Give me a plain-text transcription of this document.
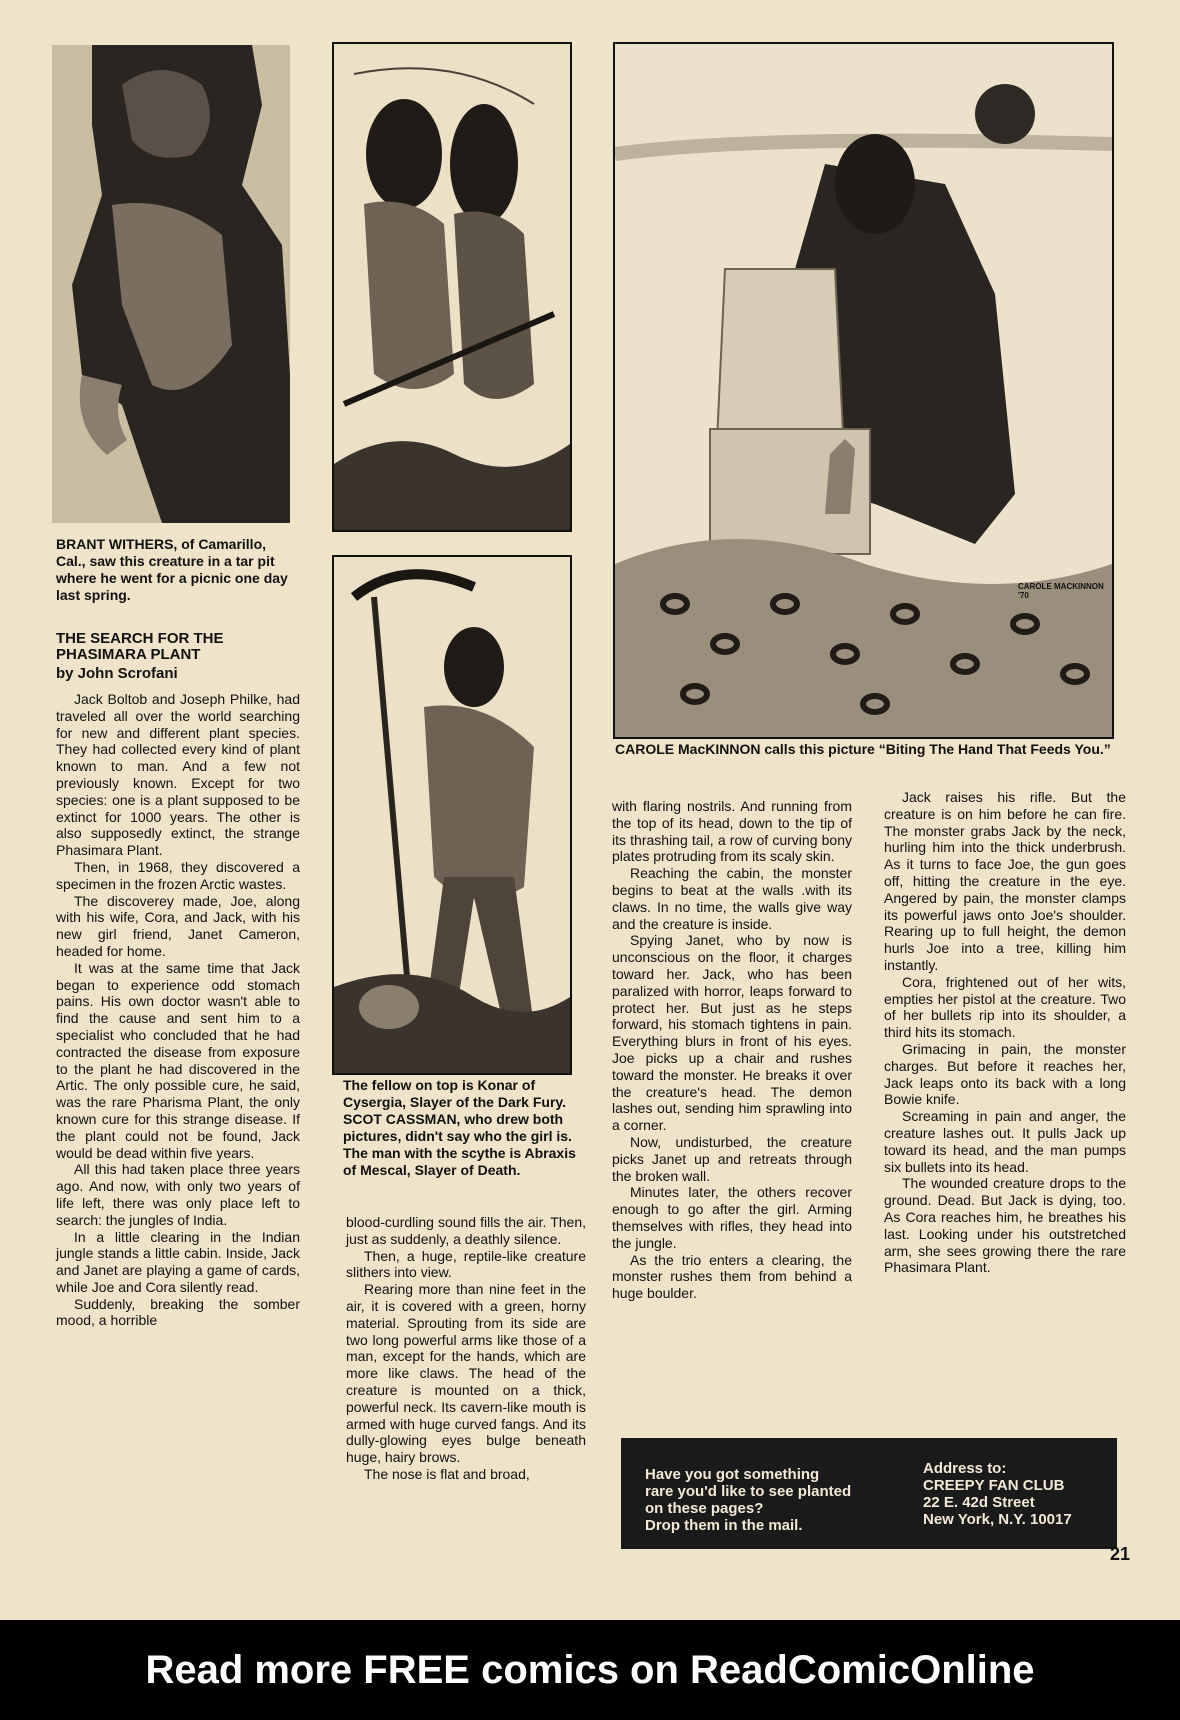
CAROLE MACKINNON '70
BRANT WITHERS, of Camarillo, Cal., saw this creature in a tar pit where he went for a picnic one day last spring.
The fellow on top is Konar of Cysergia, Slayer of the Dark Fury. SCOT CASSMAN, who drew both pictures, didn't say who the girl is. The man with the scythe is Abraxis of Mescal, Slayer of Death.
CAROLE MacKINNON calls this picture “Biting The Hand That Feeds You.”
THE SEARCH FOR THE PHASIMARA PLANT
by John Scrofani

Jack Boltob and Joseph Philke, had traveled all over the world searching for new and different plant species. They had collected every kind of plant known to man. And a few not previously known. Except for two species: one is a plant supposed to be extinct for 1000 years. The other is also supposedly extinct, the strange Phasimara Plant.

Then, in 1968, they discovered a specimen in the frozen Arctic wastes.

The discoverey made, Joe, along with his wife, Cora, and Jack, with his new girl friend, Janet Cameron, headed for home.

It was at the same time that Jack began to experience odd stomach pains. His own doctor wasn't able to find the cause and sent him to a specialist who concluded that he had contracted the disease from exposure to the plant he had discovered in the Artic. The only possible cure, he said, was the rare Pharisma Plant, the only known cure for this strange disease. If the plant could not be found, Jack would be dead within five years.

All this had taken place three years ago. And now, with only two years of life left, there was only place left to search: the jungles of India.

In a little clearing in the Indian jungle stands a little cabin. Inside, Jack and Janet are playing a game of cards, while Joe and Cora silently read.

Suddenly, breaking the somber mood, a horrible

blood-curdling sound fills the air. Then, just as suddenly, a deathly silence.

Then, a huge, reptile-like creature slithers into view.

Rearing more than nine feet in the air, it is covered with a green, horny material. Sprouting from its side are two long powerful arms like those of a man, except for the hands, which are more like claws. The head of the creature is mounted on a thick, powerful neck. Its cavern-like mouth is armed with huge curved fangs. And its dully-glowing eyes bulge beneath huge, hairy brows.

The nose is flat and broad,

with flaring nostrils. And running from the top of its head, down to the tip of its thrashing tail, a row of curving bony plates protruding from its scaly skin.

Reaching the cabin, the monster begins to beat at the walls .with its claws. In no time, the walls give way and the creature is inside.

Spying Janet, who by now is unconscious on the floor, it charges toward her. Jack, who has been paralized with horror, leaps forward to protect her. But just as he steps forward, his stomach tightens in pain. Everything blurs in front of his eyes. Joe picks up a chair and rushes toward the monster. He breaks it over the creature's head. The demon lashes out, sending him sprawling into a corner.

Now, undisturbed, the creature picks Janet up and retreats through the broken wall.

Minutes later, the others recover enough to go after the girl. Arming themselves with rifles, they head into the jungle.

As the trio enters a clearing, the monster rushes them from behind a huge boulder.

Jack raises his rifle. But the creature is on him before he can fire. The monster grabs Jack by the neck, hurling him into the thick underbrush. As it turns to face Joe, the gun goes off, hitting the creature in the eye. Angered by pain, the monster clamps its powerful jaws onto Joe's shoulder. Rearing up to full height, the demon hurls Joe into a tree, killing him instantly.

Cora, frightened out of her wits, empties her pistol at the creature. Two of her bullets rip into its shoulder, a third hits its stomach.

Grimacing in pain, the monster charges. But before it reaches her, Jack leaps onto its back with a long Bowie knife.

Screaming in pain and anger, the creature lashes out. It pulls Jack up toward its head, and the man pumps six bullets into its head.

The wounded creature drops to the ground. Dead. But Jack is dying, too. As Cora reaches him, he breathes his last. Looking under his outstretched arm, she sees growing there the rare Phasimara Plant.

Have you got something
rare you'd like to see planted
on these pages?
Drop them in the mail.
Address to:
CREEPY FAN CLUB
22 E. 42d Street
New York, N.Y. 10017
21
Read more FREE comics on ReadComicOnline
